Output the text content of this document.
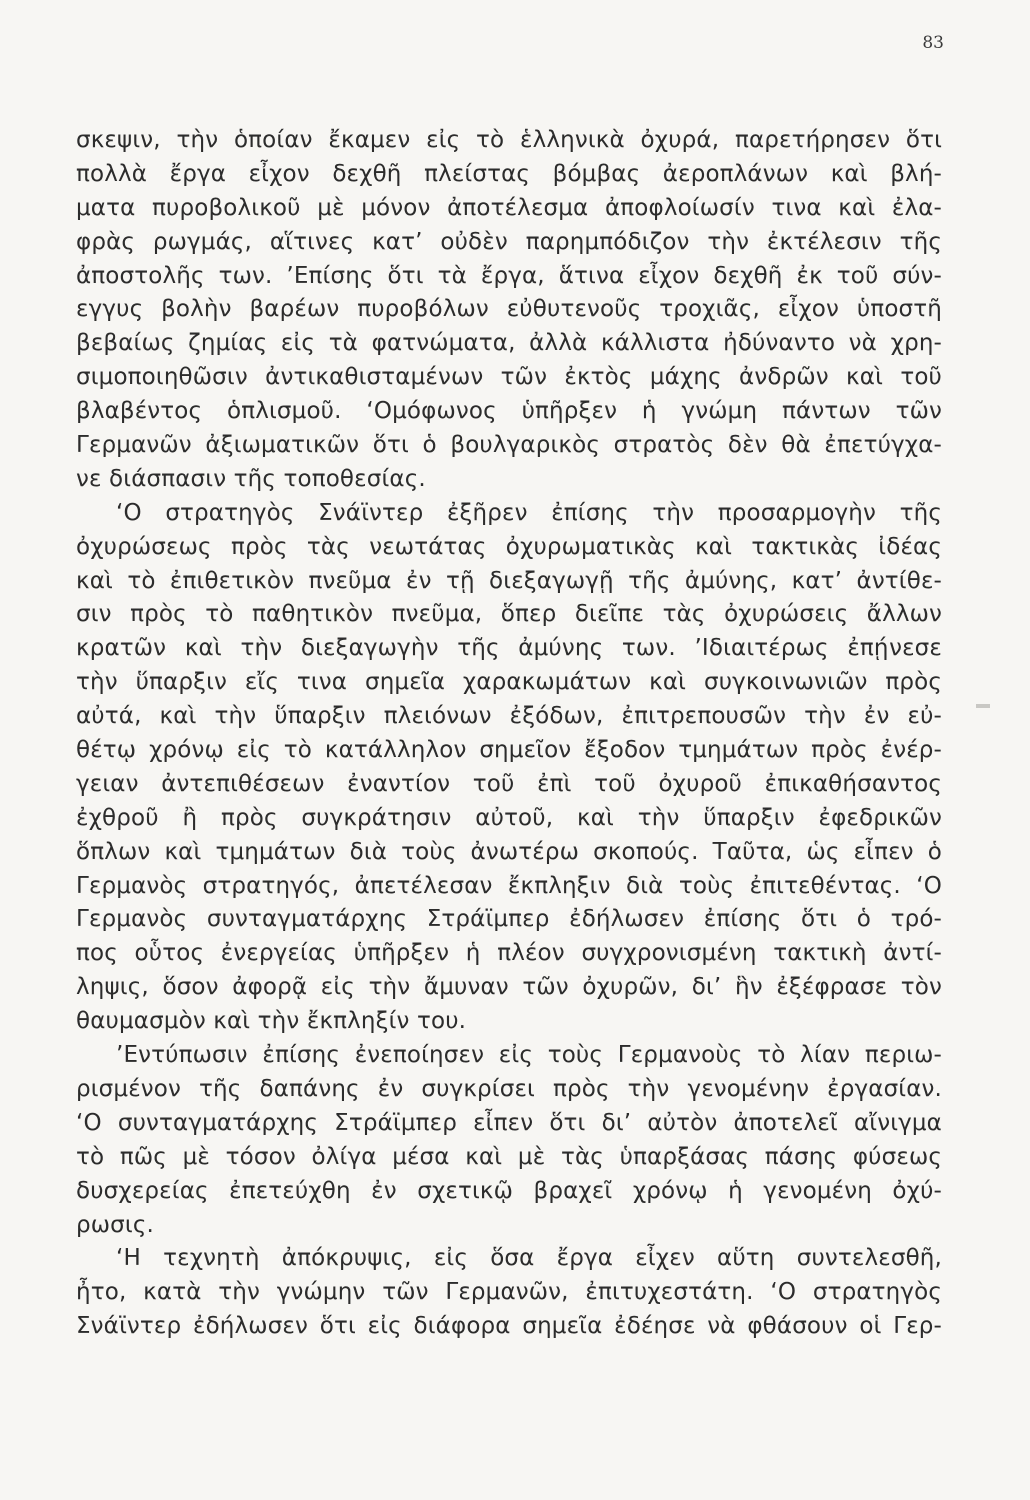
83
σκεψιν, τὴν ὁποίαν ἔκαμεν εἰς τὸ ἑλληνικὰ ὀχυρά, παρετήρησεν ὅτι
πολλὰ ἔργα εἶχον δεχθῆ πλείστας βόμβας ἀεροπλάνων καὶ βλή-
ματα πυροβολικοῦ μὲ μόνον ἀποτέλεσμα ἀποφλοίωσίν τινα καὶ ἐλα-
φρὰς ρωγμάς, αἵτινες κατ’ οὐδὲν παρημπόδιζον τὴν ἐκτέλεσιν τῆς
ἀποστολῆς των. ’Επίσης ὅτι τὰ ἔργα, ἅτινα εἶχον δεχθῆ ἐκ τοῦ σύν-
εγγυς βολὴν βαρέων πυροβόλων εὐθυτενοῦς τροχιᾶς, εἶχον ὑποστῆ
βεβαίως ζημίας εἰς τὰ φατνώματα, ἀλλὰ κάλλιστα ἠδύναντο νὰ χρη-
σιμοποιηθῶσιν ἀντικαθισταμένων τῶν ἐκτὸς μάχης ἀνδρῶν καὶ τοῦ
βλαβέντος ὁπλισμοῦ. ‘Ομόφωνος ὑπῆρξεν ἡ γνώμη πάντων τῶν
Γερμανῶν ἀξιωματικῶν ὅτι ὁ βουλγαρικὸς στρατὸς δὲν θὰ ἐπετύγχα-
νε διάσπασιν τῆς τοποθεσίας.
‘Ο στρατηγὸς Σνάϊντερ ἐξῆρεν ἐπίσης τὴν προσαρμογὴν τῆς
ὀχυρώσεως πρὸς τὰς νεωτάτας ὀχυρωματικὰς καὶ τακτικὰς ἰδέας
καὶ τὸ ἐπιθετικὸν πνεῦμα ἐν τῇ διεξαγωγῇ τῆς ἀμύνης, κατ’ ἀντίθε-
σιν πρὸς τὸ παθητικὸν πνεῦμα, ὅπερ διεῖπε τὰς ὀχυρώσεις ἄλλων
κρατῶν καὶ τὴν διεξαγωγὴν τῆς ἀμύνης των. ’Ιδιαιτέρως ἐπῄνεσε
τὴν ὕπαρξιν εἴς τινα σημεῖα χαρακωμάτων καὶ συγκοινωνιῶν πρὸς
αὐτά, καὶ τὴν ὕπαρξιν πλειόνων ἐξόδων, ἐπιτρεπουσῶν τὴν ἐν εὐ-
θέτῳ χρόνῳ εἰς τὸ κατάλληλον σημεῖον ἔξοδον τμημάτων πρὸς ἐνέρ-
γειαν ἀντεπιθέσεων ἐναντίον τοῦ ἐπὶ τοῦ ὀχυροῦ ἐπικαθήσαντος
ἐχθροῦ ἢ πρὸς συγκράτησιν αὐτοῦ, καὶ τὴν ὕπαρξιν ἐφεδρικῶν
ὅπλων καὶ τμημάτων διὰ τοὺς ἀνωτέρω σκοπούς. Ταῦτα, ὡς εἶπεν ὁ
Γερμανὸς στρατηγός, ἀπετέλεσαν ἔκπληξιν διὰ τοὺς ἐπιτεθέντας. ‘Ο
Γερμανὸς συνταγματάρχης Στράϊμπερ ἐδήλωσεν ἐπίσης ὅτι ὁ τρό-
πος οὗτος ἐνεργείας ὑπῆρξεν ἡ πλέον συγχρονισμένη τακτικὴ ἀντί-
ληψις, ὅσον ἀφορᾷ εἰς τὴν ἄμυναν τῶν ὀχυρῶν, δι’ ἣν ἐξέφρασε τὸν
θαυμασμὸν καὶ τὴν ἔκπληξίν του.
’Εντύπωσιν ἐπίσης ἐνεποίησεν εἰς τοὺς Γερμανοὺς τὸ λίαν περιω-
ρισμένον τῆς δαπάνης ἐν συγκρίσει πρὸς τὴν γενομένην ἐργασίαν.
‘Ο συνταγματάρχης Στράϊμπερ εἶπεν ὅτι δι’ αὐτὸν ἀποτελεῖ αἴνιγμα
τὸ πῶς μὲ τόσον ὀλίγα μέσα καὶ μὲ τὰς ὑπαρξάσας πάσης φύσεως
δυσχερείας ἐπετεύχθη ἐν σχετικῷ βραχεῖ χρόνῳ ἡ γενομένη ὀχύ-
ρωσις.
‘Η τεχνητὴ ἀπόκρυψις, εἰς ὅσα ἔργα εἶχεν αὕτη συντελεσθῆ,
ἦτο, κατὰ τὴν γνώμην τῶν Γερμανῶν, ἐπιτυχεστάτη. ‘Ο στρατηγὸς
Σνάϊντερ ἐδήλωσεν ὅτι εἰς διάφορα σημεῖα ἐδέησε νὰ φθάσουν οἱ Γερ-
